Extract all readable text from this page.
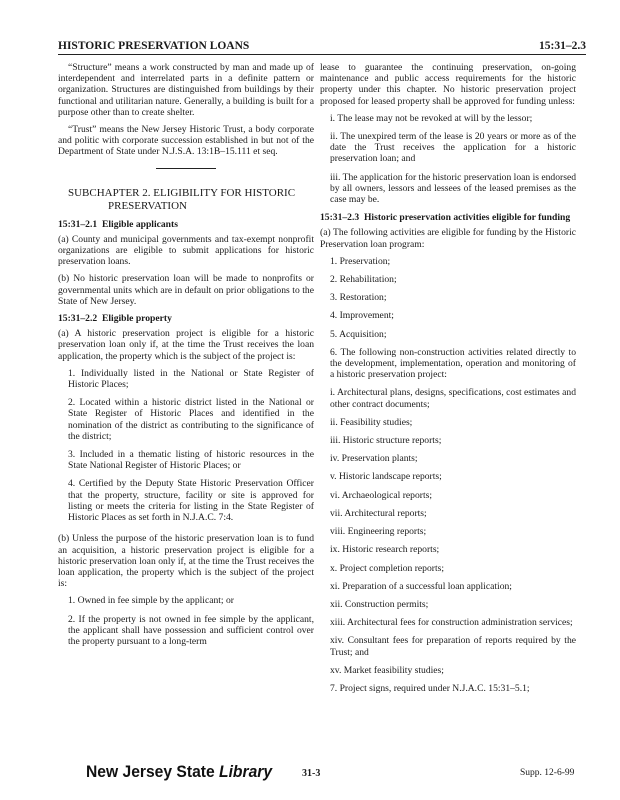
HISTORIC PRESERVATION LOANS	15:31–2.3

“Structure” means a work constructed by man and made up of interdependent and interrelated parts in a definite pattern or organization. Structures are distinguished from buildings by their functional and utilitarian nature. Generally, a building is built for a purpose other than to create shelter.

“Trust” means the New Jersey Historic Trust, a body corporate and politic with corporate succession established in but not of the Department of State under N.J.S.A. 13:1B–15.111 et seq.

SUBCHAPTER 2. ELIGIBILITY FOR HISTORIC
PRESERVATION

15:31–2.1 Eligible applicants

(a) County and municipal governments and tax-exempt nonprofit organizations are eligible to submit applications for historic preservation loans.

(b) No historic preservation loan will be made to nonprofits or governmental units which are in default on prior obligations to the State of New Jersey.

15:31–2.2 Eligible property

(a) A historic preservation project is eligible for a historic preservation loan only if, at the time the Trust receives the loan application, the property which is the subject of the project is:

1. Individually listed in the National or State Register of Historic Places;

2. Located within a historic district listed in the National or State Register of Historic Places and identified in the nomination of the district as contributing to the significance of the district;

3. Included in a thematic listing of historic resources in the State National Register of Historic Places; or

4. Certified by the Deputy State Historic Preservation Officer that the property, structure, facility or site is approved for listing or meets the criteria for listing in the State Register of Historic Places as set forth in N.J.A.C. 7:4.

(b) Unless the purpose of the historic preservation loan is to fund an acquisition, a historic preservation project is eligible for a historic preservation loan only if, at the time the Trust receives the loan application, the property which is the subject of the project is:

1. Owned in fee simple by the applicant; or

2. If the property is not owned in fee simple by the applicant, the applicant shall have possession and sufficient control over the property pursuant to a long-term

lease to guarantee the continuing preservation, on-going maintenance and public access requirements for the historic property under this chapter. No historic preservation project proposed for leased property shall be approved for funding unless:

i. The lease may not be revoked at will by the lessor;

ii. The unexpired term of the lease is 20 years or more as of the date the Trust receives the application for a historic preservation loan; and

iii. The application for the historic preservation loan is endorsed by all owners, lessors and lessees of the leased premises as the case may be.

15:31–2.3 Historic preservation activities eligible for funding

(a) The following activities are eligible for funding by the Historic Preservation loan program:

1. Preservation;

2. Rehabilitation;

3. Restoration;

4. Improvement;

5. Acquisition;

6. The following non-construction activities related directly to the development, implementation, operation and monitoring of a historic preservation project:

i. Architectural plans, designs, specifications, cost estimates and other contract documents;

ii. Feasibility studies;

iii. Historic structure reports;

iv. Preservation plants;

v. Historic landscape reports;

vi. Archaeological reports;

vii. Architectural reports;

viii. Engineering reports;

ix. Historic research reports;

x. Project completion reports;

xi. Preparation of a successful loan application;

xii. Construction permits;

xiii. Architectural fees for construction administration services;

xiv. Consultant fees for preparation of reports required by the Trust; and

xv. Market feasibility studies;

7. Project signs, required under N.J.A.C. 15:31–5.1;

New Jersey State Library	31-3	Supp. 12-6-99
